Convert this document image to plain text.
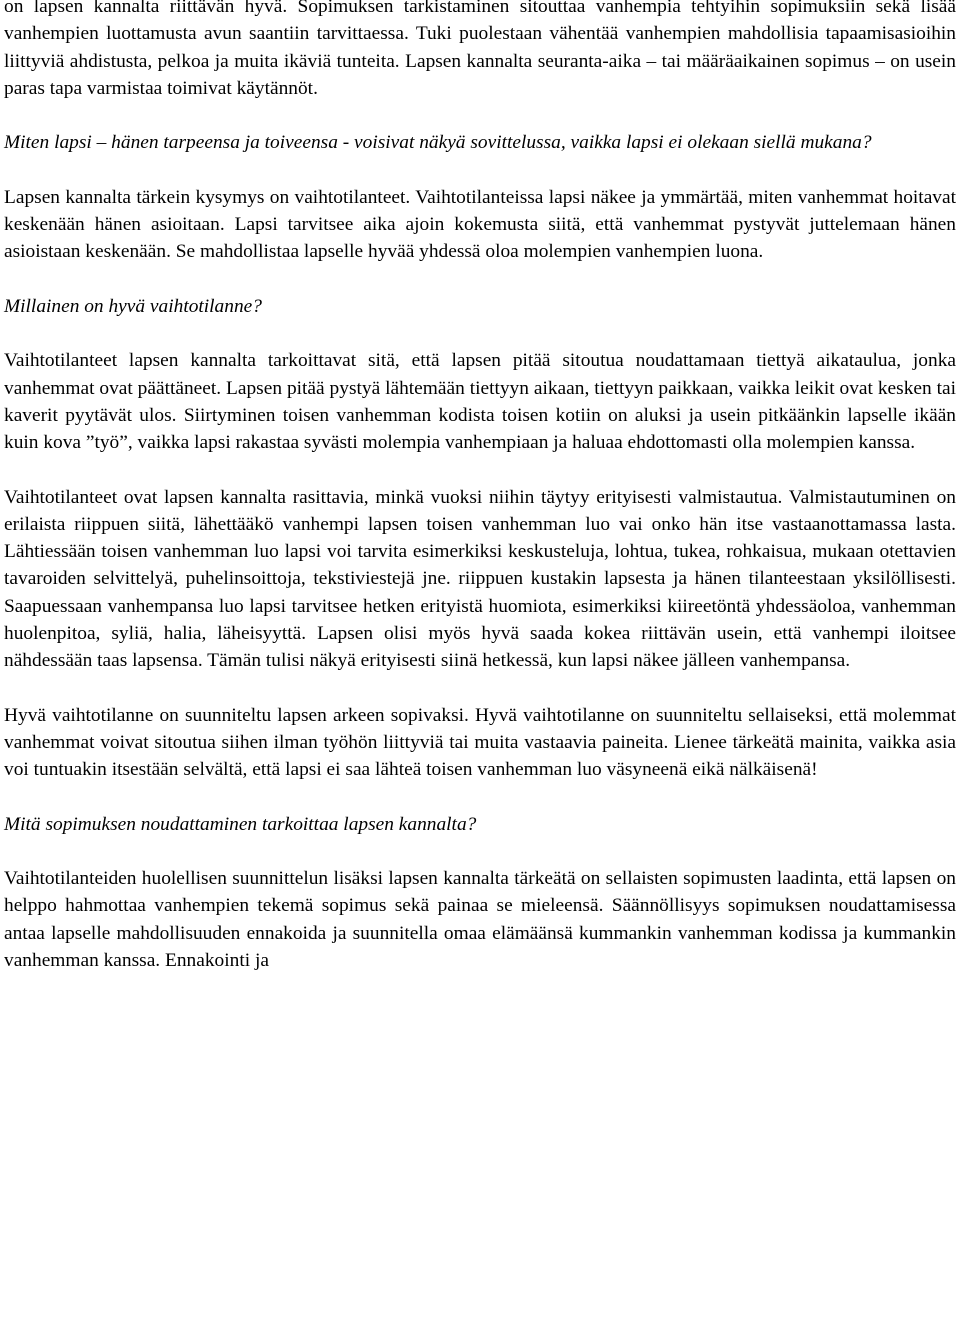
on lapsen kannalta riittävän hyvä. Sopimuksen tarkistaminen sitouttaa vanhempia tehtyihin sopimuksiin sekä lisää vanhempien luottamusta avun saantiin tarvittaessa. Tuki puolestaan vähentää vanhempien mahdollisia tapaamisasioihin liittyviä ahdistusta, pelkoa ja muita ikäviä tunteita. Lapsen kannalta seuranta-aika – tai määräaikainen sopimus – on usein paras tapa varmistaa toimivat käytännöt.

Miten lapsi – hänen tarpeensa ja toiveensa - voisivat näkyä sovittelussa, vaikka lapsi ei olekaan siellä mukana?

Lapsen kannalta tärkein kysymys on vaihtotilanteet. Vaihtotilanteissa lapsi näkee ja ymmärtää, miten vanhemmat hoitavat keskenään hänen asioitaan. Lapsi tarvitsee aika ajoin kokemusta siitä, että vanhemmat pystyvät juttelemaan hänen asioistaan keskenään. Se mahdollistaa lapselle hyvää yhdessä oloa molempien vanhempien luona.

Millainen on hyvä vaihtotilanne?

Vaihtotilanteet lapsen kannalta tarkoittavat sitä, että lapsen pitää sitoutua noudattamaan tiettyä aikataulua, jonka vanhemmat ovat päättäneet. Lapsen pitää pystyä lähtemään tiettyyn aikaan, tiettyyn paikkaan, vaikka leikit ovat kesken tai kaverit pyytävät ulos. Siirtyminen toisen vanhemman kodista toisen kotiin on aluksi ja usein pitkäänkin lapselle ikään kuin kova ”työ”, vaikka lapsi rakastaa syvästi molempia vanhempiaan ja haluaa ehdottomasti olla molempien kanssa.

Vaihtotilanteet ovat lapsen kannalta rasittavia, minkä vuoksi niihin täytyy erityisesti valmistautua. Valmistautuminen on erilaista riippuen siitä, lähettääkö vanhempi lapsen toisen vanhemman luo vai onko hän itse vastaanottamassa lasta. Lähtiessään toisen vanhemman luo lapsi voi tarvita esimerkiksi keskusteluja, lohtua, tukea, rohkaisua, mukaan otettavien tavaroiden selvittelyä, puhelinsoittoja, tekstiviestejä jne. riippuen kustakin lapsesta ja hänen tilanteestaan yksilöllisesti. Saapuessaan vanhempansa luo lapsi tarvitsee hetken erityistä huomiota, esimerkiksi kiireetöntä yhdessäoloa, vanhemman huolenpitoa, syliä, halia, läheisyyttä. Lapsen olisi myös hyvä saada kokea riittävän usein, että vanhempi iloitsee nähdessään taas lapsensa. Tämän tulisi näkyä erityisesti siinä hetkessä, kun lapsi näkee jälleen vanhempansa.

Hyvä vaihtotilanne on suunniteltu lapsen arkeen sopivaksi. Hyvä vaihtotilanne on suunniteltu sellaiseksi, että molemmat vanhemmat voivat sitoutua siihen ilman työhön liittyviä tai muita vastaavia paineita. Lienee tärkeätä mainita, vaikka asia voi tuntuakin itsestään selvältä, että lapsi ei saa lähteä toisen vanhemman luo väsyneenä eikä nälkäisenä!

Mitä sopimuksen noudattaminen tarkoittaa lapsen kannalta?

Vaihtotilanteiden huolellisen suunnittelun lisäksi lapsen kannalta tärkeätä on sellaisten sopimusten laadinta, että lapsen on helppo hahmottaa vanhempien tekemä sopimus sekä painaa se mieleensä. Säännöllisyys sopimuksen noudattamisessa antaa lapselle mahdollisuuden ennakoida ja suunnitella omaa elämäänsä kummankin vanhemman kodissa ja kummankin vanhemman kanssa. Ennakointi ja
